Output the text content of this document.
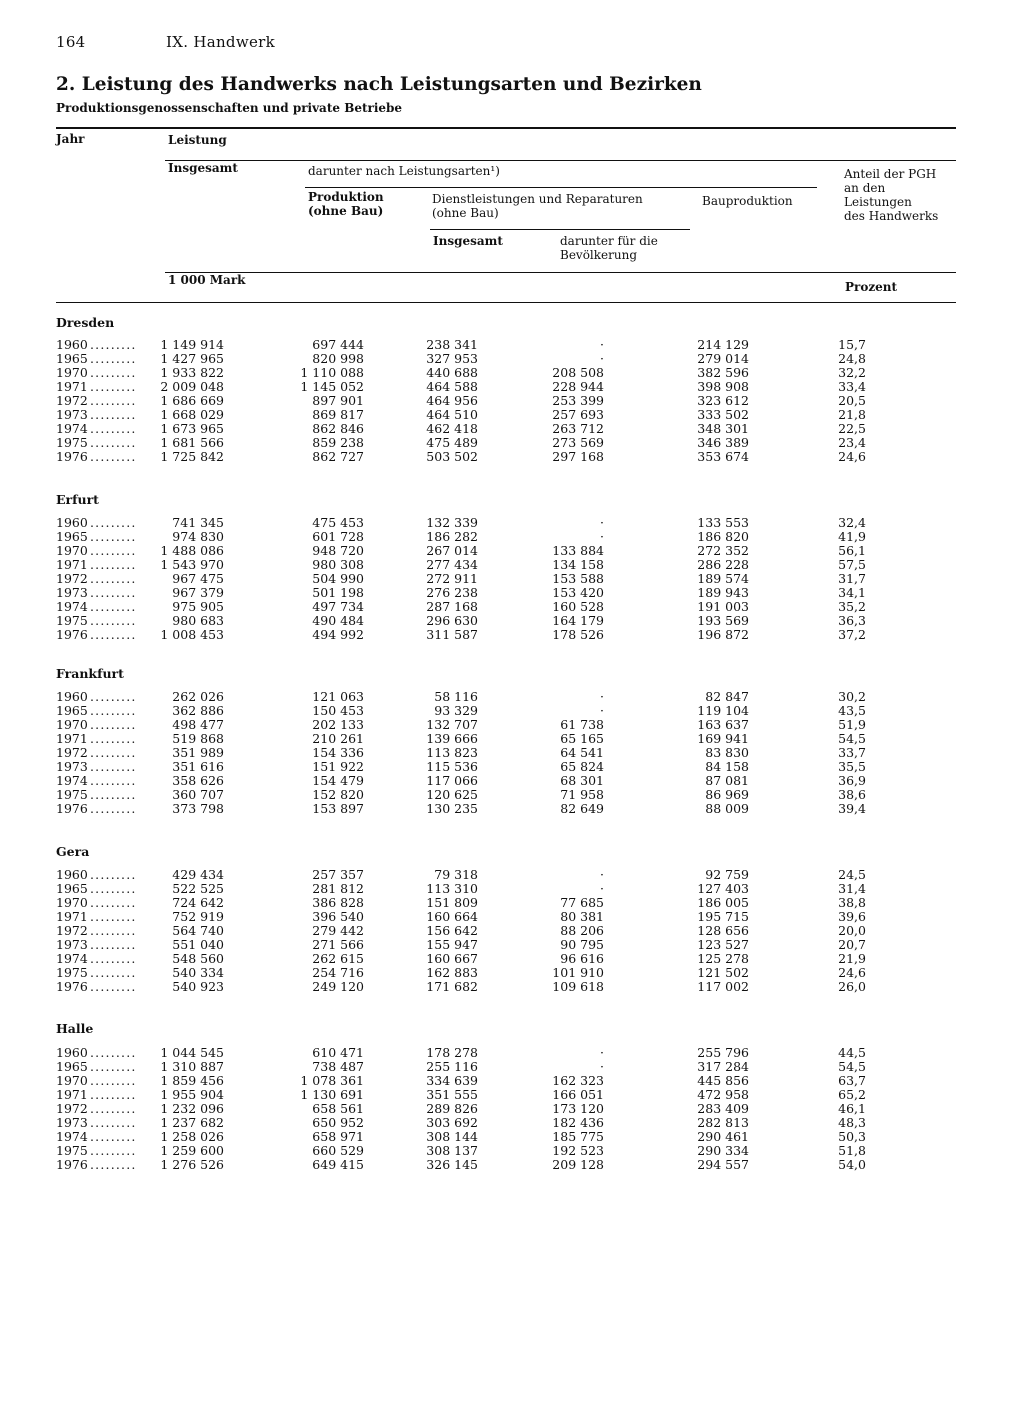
164	IX. Handwerk
2. Leistung des Handwerks nach Leistungsarten und Bezirken
Produktionsgenossenschaften und private Betriebe
Jahr	Leistung
Insgesamt	darunter nach Leistungsarten¹)
Produktion
(ohne Bau)
Dienstleistungen und Reparaturen
(ohne Bau)
Insgesamt	darunter für die
Bevölkerung
Bauproduktion
Anteil der PGH
an den
Leistungen
des Handwerks
1 000 Mark	Prozent
Dresden
1960 .........	1 149 914	697 444	238 341	·	214 129	15,7
1965 .........	1 427 965	820 998	327 953	·	279 014	24,8
1970 .........	1 933 822	1 110 088	440 688	208 508	382 596	32,2
1971 .........	2 009 048	1 145 052	464 588	228 944	398 908	33,4
1972 .........	1 686 669	897 901	464 956	253 399	323 612	20,5
1973 .........	1 668 029	869 817	464 510	257 693	333 502	21,8
1974 .........	1 673 965	862 846	462 418	263 712	348 301	22,5
1975 .........	1 681 566	859 238	475 489	273 569	346 389	23,4
1976 .........	1 725 842	862 727	503 502	297 168	353 674	24,6
Erfurt
1960 .........	741 345	475 453	132 339	·	133 553	32,4
1965 .........	974 830	601 728	186 282	·	186 820	41,9
1970 .........	1 488 086	948 720	267 014	133 884	272 352	56,1
1971 .........	1 543 970	980 308	277 434	134 158	286 228	57,5
1972 .........	967 475	504 990	272 911	153 588	189 574	31,7
1973 .........	967 379	501 198	276 238	153 420	189 943	34,1
1974 .........	975 905	497 734	287 168	160 528	191 003	35,2
1975 .........	980 683	490 484	296 630	164 179	193 569	36,3
1976 .........	1 008 453	494 992	311 587	178 526	196 872	37,2
Frankfurt
1960 .........	262 026	121 063	58 116	·	82 847	30,2
1965 .........	362 886	150 453	93 329	·	119 104	43,5
1970 .........	498 477	202 133	132 707	61 738	163 637	51,9
1971 .........	519 868	210 261	139 666	65 165	169 941	54,5
1972 .........	351 989	154 336	113 823	64 541	83 830	33,7
1973 .........	351 616	151 922	115 536	65 824	84 158	35,5
1974 .........	358 626	154 479	117 066	68 301	87 081	36,9
1975 .........	360 707	152 820	120 625	71 958	86 969	38,6
1976 .........	373 798	153 897	130 235	82 649	88 009	39,4
Gera
1960 .........	429 434	257 357	79 318	·	92 759	24,5
1965 .........	522 525	281 812	113 310	·	127 403	31,4
1970 .........	724 642	386 828	151 809	77 685	186 005	38,8
1971 .........	752 919	396 540	160 664	80 381	195 715	39,6
1972 .........	564 740	279 442	156 642	88 206	128 656	20,0
1973 .........	551 040	271 566	155 947	90 795	123 527	20,7
1974 .........	548 560	262 615	160 667	96 616	125 278	21,9
1975 .........	540 334	254 716	162 883	101 910	121 502	24,6
1976 .........	540 923	249 120	171 682	109 618	117 002	26,0
Halle
1960 .........	1 044 545	610 471	178 278	·	255 796	44,5
1965 .........	1 310 887	738 487	255 116	·	317 284	54,5
1970 .........	1 859 456	1 078 361	334 639	162 323	445 856	63,7
1971 .........	1 955 904	1 130 691	351 555	166 051	472 958	65,2
1972 .........	1 232 096	658 561	289 826	173 120	283 409	46,1
1973 .........	1 237 682	650 952	303 692	182 436	282 813	48,3
1974 .........	1 258 026	658 971	308 144	185 775	290 461	50,3
1975 .........	1 259 600	660 529	308 137	192 523	290 334	51,8
1976 .........	1 276 526	649 415	326 145	209 128	294 557	54,0
